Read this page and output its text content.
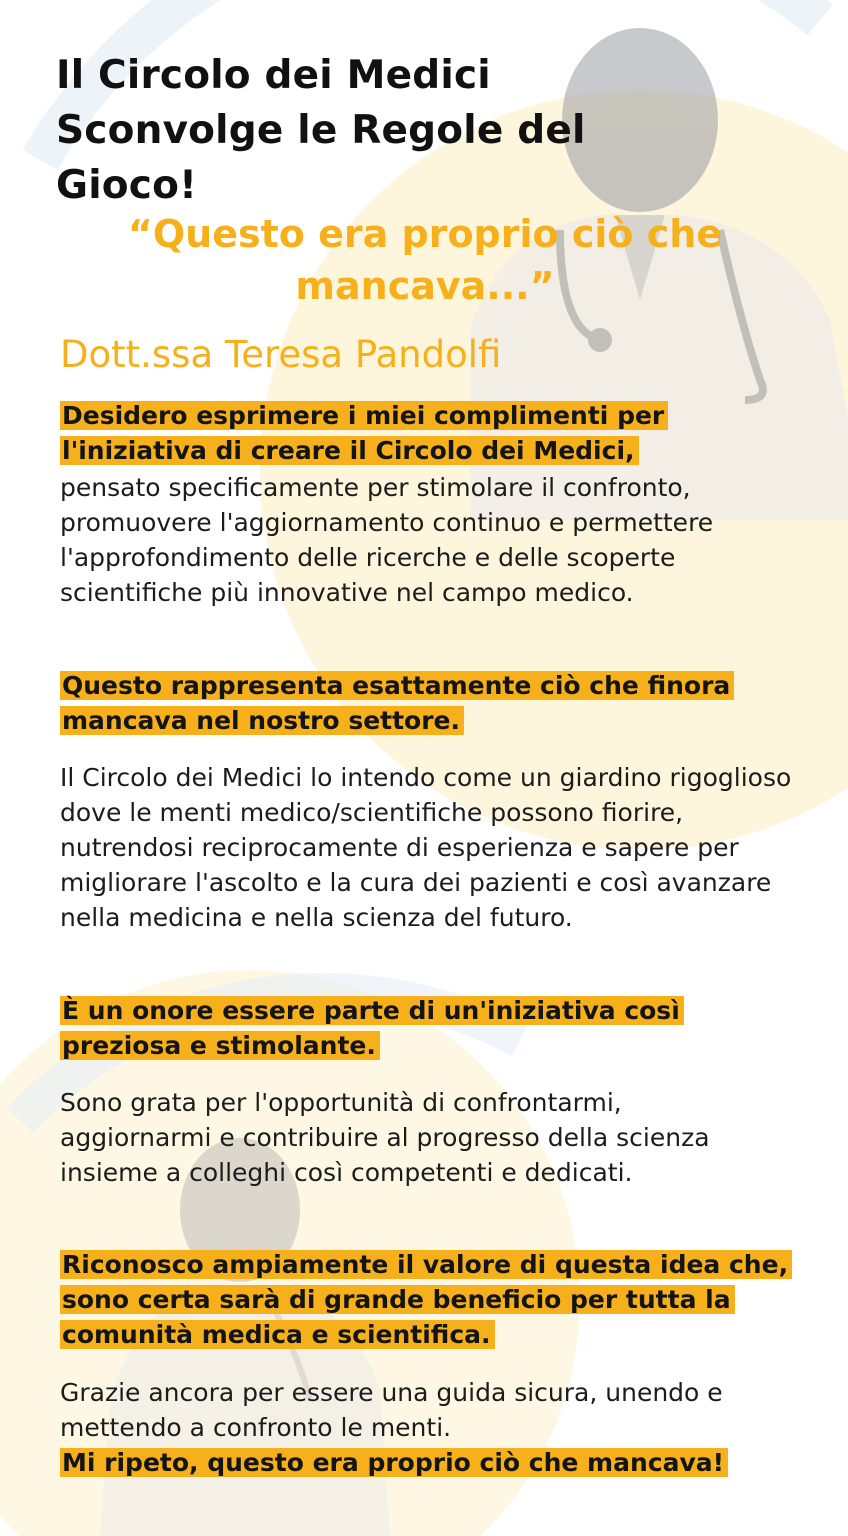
Il Circolo dei Medici
Sconvolge le Regole del
Gioco!

“Questo era proprio ciò che
mancava...”

Dott.ssa Teresa Pandolfi

Desidero esprimere i miei complimenti per
l'iniziativa di creare il Circolo dei Medici,

pensato specificamente per stimolare il confronto, promuovere l'aggiornamento continuo e permettere l'approfondimento delle ricerche e delle scoperte scientifiche più innovative nel campo medico.

Questo rappresenta esattamente ciò che finora mancava nel nostro settore.

Il Circolo dei Medici lo intendo come un giardino rigoglioso dove le menti medico/scientifiche possono fiorire, nutrendosi reciprocamente di esperienza e sapere per migliorare l'ascolto e la cura dei pazienti e così avanzare nella medicina e nella scienza del futuro.

È un onore essere parte di un'iniziativa così preziosa e stimolante.

Sono grata per l'opportunità di confrontarmi, aggiornarmi e contribuire al progresso della scienza insieme a colleghi così competenti e dedicati.

Riconosco ampiamente il valore di questa idea che, sono certa sarà di grande beneficio per tutta la comunità medica e scientifica.

Grazie ancora per essere una guida sicura, unendo e mettendo a confronto le menti.

Mi ripeto, questo era proprio ciò che mancava!
